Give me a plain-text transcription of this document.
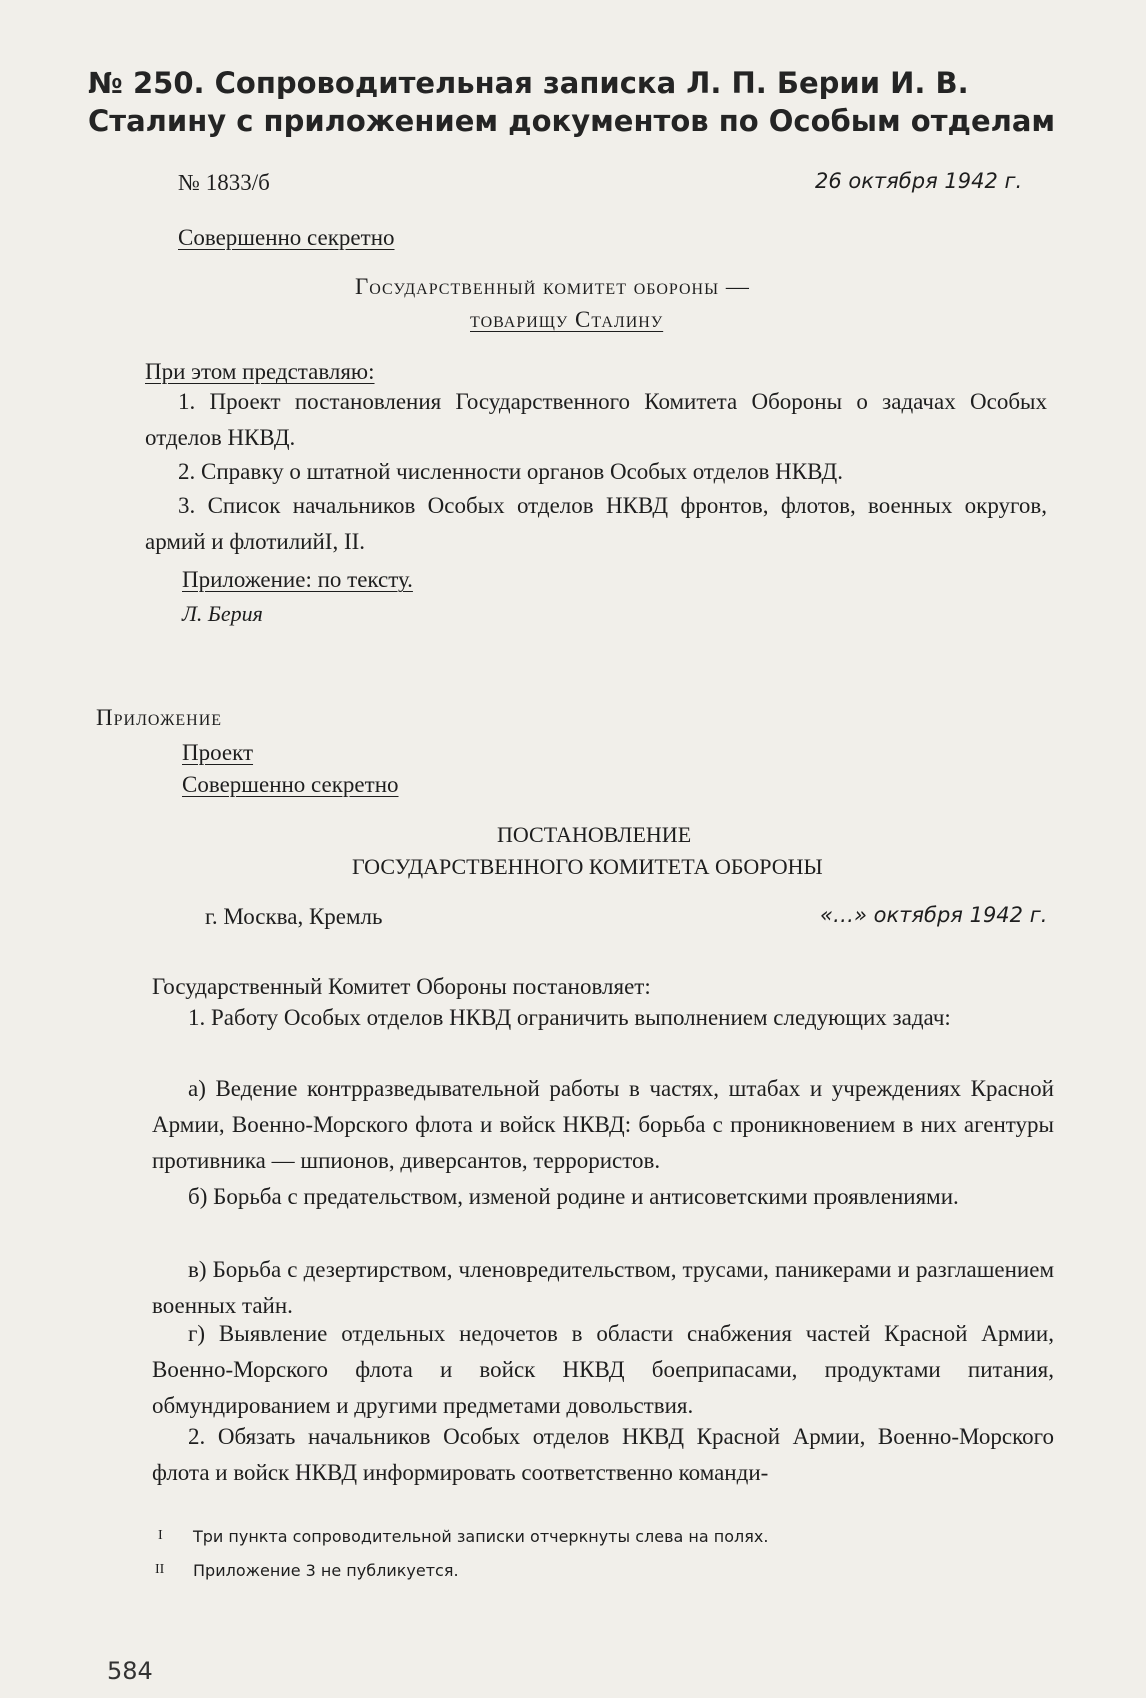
№ 250. Сопроводительная записка Л. П. Берии И. В. Сталину с приложением документов по Особым отделам
№ 1833/б	26 октября 1942 г.
Совершенно секретно
Государственный комитет обороны —
товарищу Сталину
При этом представляю:
1. Проект постановления Государственного Комитета Обороны о задачах Особых отделов НКВД.
2. Справку о штатной численности органов Особых отделов НКВД.
3. Список начальников Особых отделов НКВД фронтов, флотов, военных округов, армий и флотилийI, II.
Приложение: по тексту.
Л. Берия
Приложение
Проект
Совершенно секретно
ПОСТАНОВЛЕНИЕ
ГОСУДАРСТВЕННОГО КОМИТЕТА ОБОРОНЫ
г. Москва, Кремль	«…» октября 1942 г.
Государственный Комитет Обороны постановляет:
1. Работу Особых отделов НКВД ограничить выполнением следующих задач:
а) Ведение контрразведывательной работы в частях, штабах и учреждениях Красной Армии, Военно-Морского флота и войск НКВД: борьба с проникновением в них агентуры противника — шпионов, диверсантов, террористов.
б) Борьба с предательством, изменой родине и антисоветскими проявлениями.
в) Борьба с дезертирством, членовредительством, трусами, паникерами и разглашением военных тайн.
г) Выявление отдельных недочетов в области снабжения частей Красной Армии, Военно-Морского флота и войск НКВД боеприпасами, продуктами питания, обмундированием и другими предметами довольствия.
2. Обязать начальников Особых отделов НКВД Красной Армии, Военно-Морского флота и войск НКВД информировать соответственно команди-
I Три пункта сопроводительной записки отчеркнуты слева на полях.
II Приложение 3 не публикуется.
584
